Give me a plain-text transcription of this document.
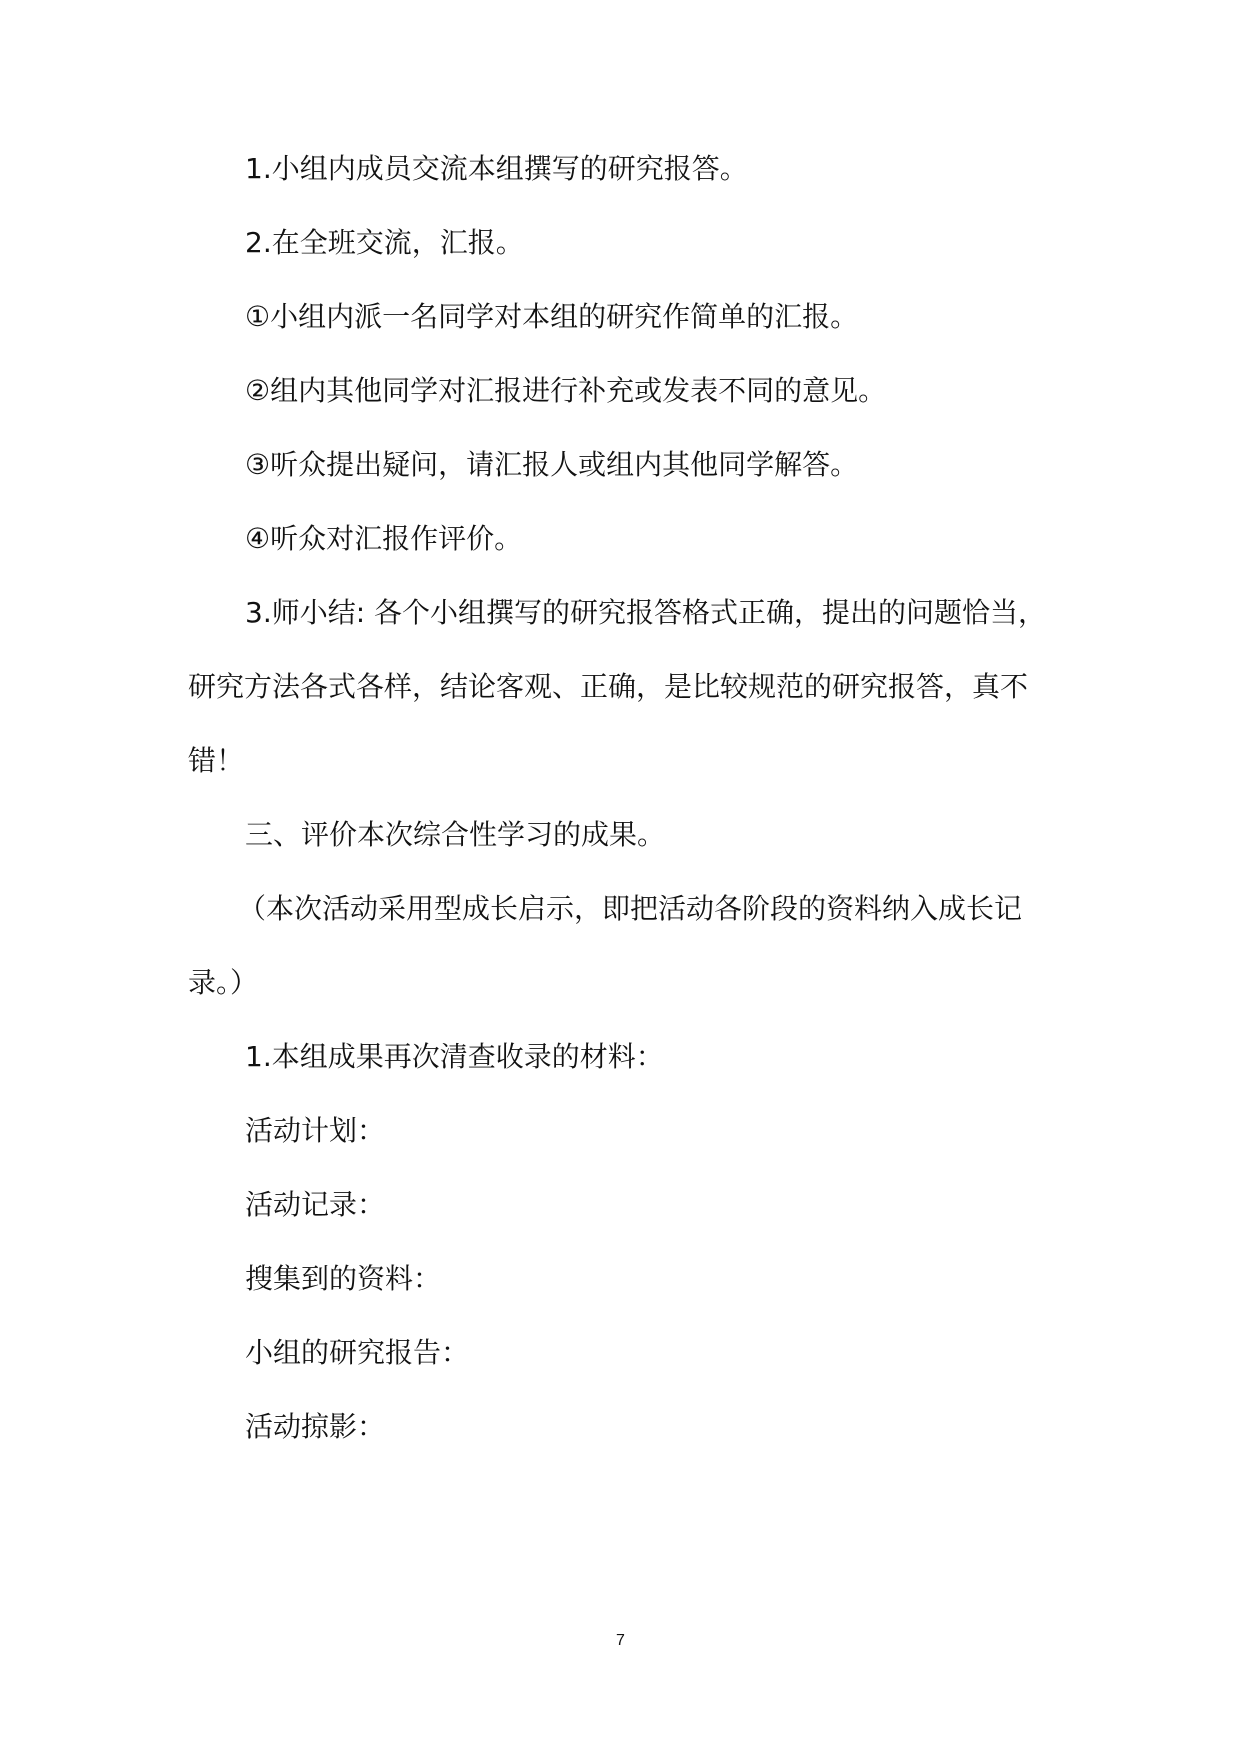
1.小组内成员交流本组撰写的研究报答。
2.在全班交流，汇报。
①小组内派一名同学对本组的研究作简单的汇报。
②组内其他同学对汇报进行补充或发表不同的意见。
③听众提出疑问，请汇报人或组内其他同学解答。
④听众对汇报作评价。
3.师小结: 各个小组撰写的研究报答格式正确，提出的问题恰当，
研究方法各式各样，结论客观、正确，是比较规范的研究报答，真不
错！
三、评价本次综合性学习的成果。
（本次活动采用型成长启示，即把活动各阶段的资料纳入成长记
录。）
1.本组成果再次清查收录的材料：
活动计划：
活动记录：
搜集到的资料：
小组的研究报告：
活动掠影：
7
